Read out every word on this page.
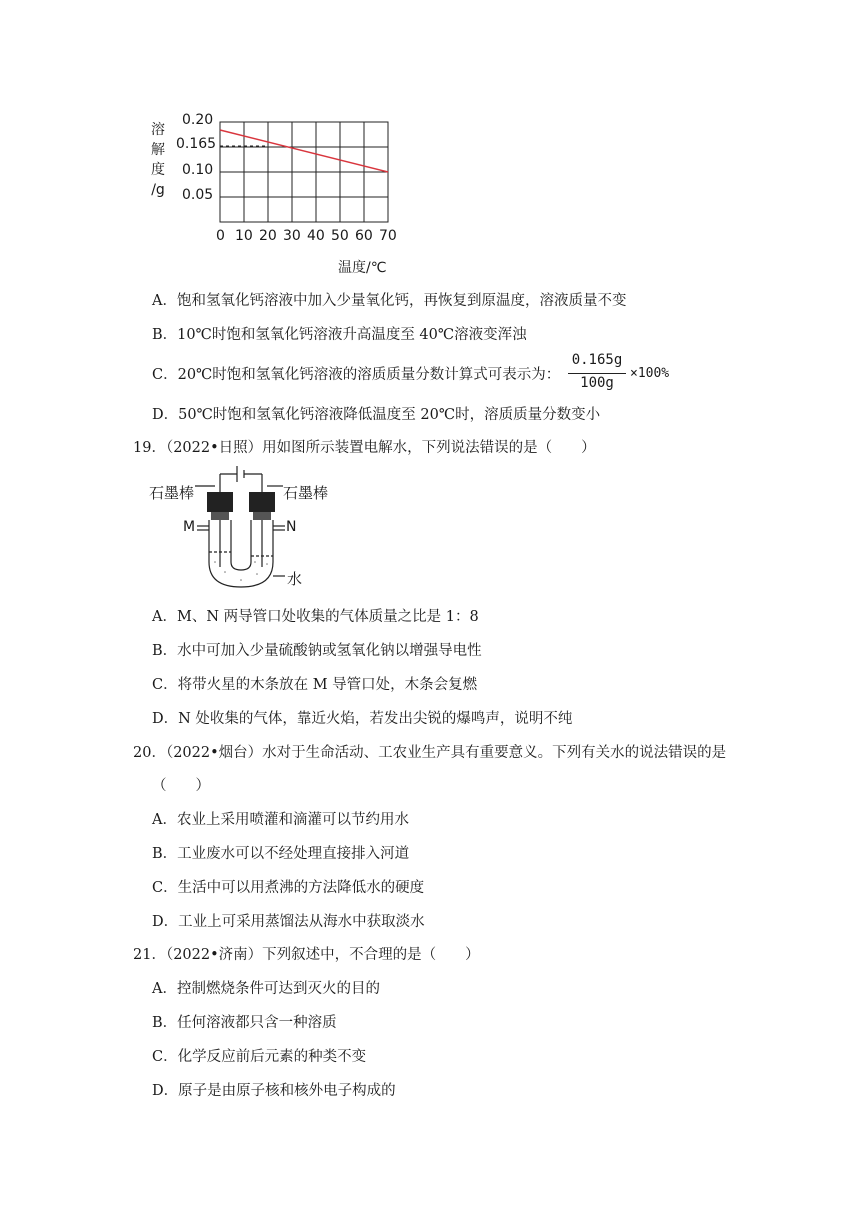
溶
解
度
/g
0.20
0.165
0.10
0.05
0 10 20 30 40 50 60 70
温度/℃
A．饱和氢氧化钙溶液中加入少量氧化钙，再恢复到原温度，溶液质量不变
B．10℃时饱和氢氧化钙溶液升高温度至 40℃溶液变浑浊
C．20℃时饱和氢氧化钙溶液的溶质质量分数计算式可表示为：
0.165g
100g
×100%
D．50℃时饱和氢氧化钙溶液降低温度至 20℃时，溶质质量分数变小
19．（2022•日照）用如图所示装置电解水，下列说法错误的是（　　）
石墨棒	石墨棒
M	N
水
A．M、N 两导管口处收集的气体质量之比是 1：8
B．水中可加入少量硫酸钠或氢氧化钠以增强导电性
C．将带火星的木条放在 M 导管口处，木条会复燃
D．N 处收集的气体，靠近火焰，若发出尖锐的爆鸣声，说明不纯
20．（2022•烟台）水对于生命活动、工农业生产具有重要意义。下列有关水的说法错误的是
（　　）
A．农业上采用喷灌和滴灌可以节约用水
B．工业废水可以不经处理直接排入河道
C．生活中可以用煮沸的方法降低水的硬度
D．工业上可采用蒸馏法从海水中获取淡水
21．（2022•济南）下列叙述中，不合理的是（　　）
A．控制燃烧条件可达到灭火的目的
B．任何溶液都只含一种溶质
C．化学反应前后元素的种类不变
D．原子是由原子核和核外电子构成的
